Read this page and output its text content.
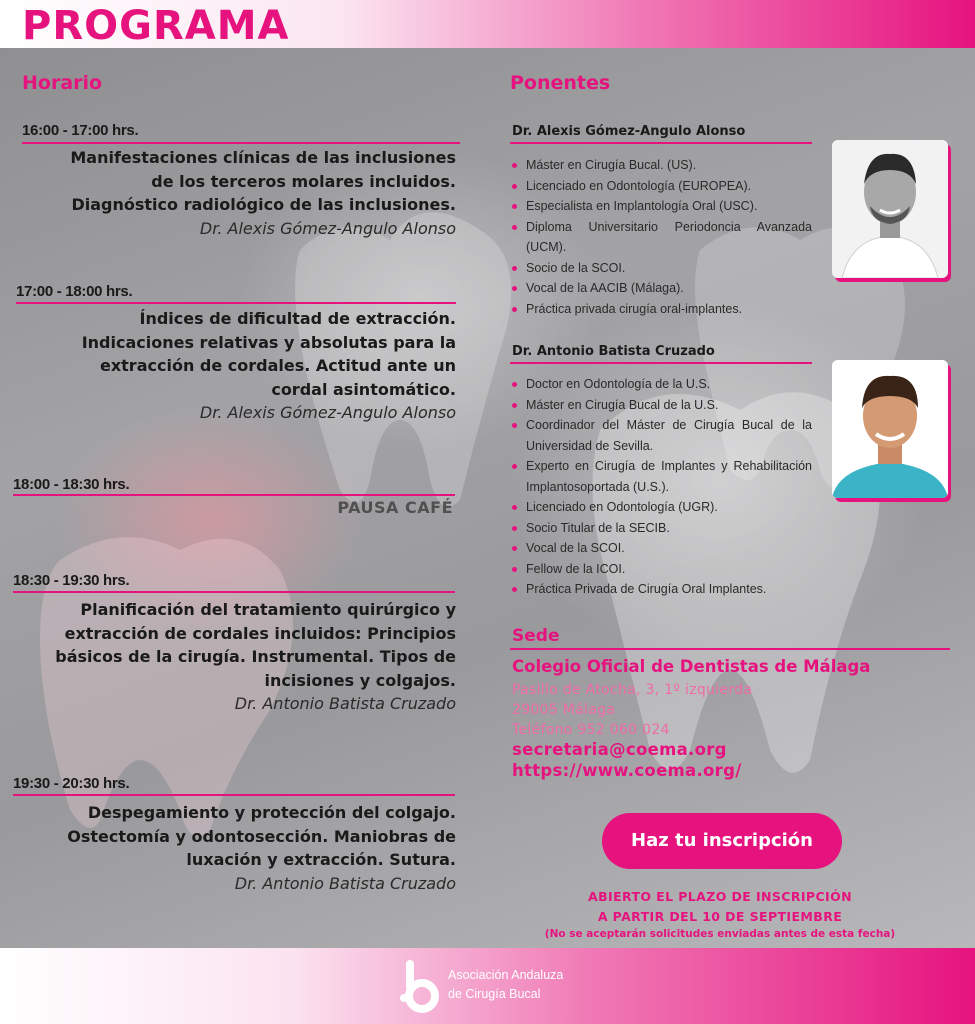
PROGRAMA
Horario
16:00 - 17:00 hrs.
Manifestaciones clínicas de las inclusiones
de los terceros molares incluidos.
Diagnóstico radiológico de las inclusiones.
Dr. Alexis Gómez-Angulo Alonso
17:00 - 18:00 hrs.
Índices de dificultad de extracción.
Indicaciones relativas y absolutas para la
extracción de cordales. Actitud ante un
cordal asintomático.
Dr. Alexis Gómez-Angulo Alonso
18:00 - 18:30 hrs.
PAUSA CAFÉ
18:30 - 19:30 hrs.
Planificación del tratamiento quirúrgico y
extracción de cordales incluidos: Principios
básicos de la cirugía. Instrumental. Tipos de
incisiones y colgajos.
Dr. Antonio Batista Cruzado
19:30 - 20:30 hrs.
Despegamiento y protección del colgajo.
Ostectomía y odontosección. Maniobras de
luxación y extracción. Sutura.
Dr. Antonio Batista Cruzado
Ponentes
Dr. Alexis Gómez-Angulo Alonso
Máster en Cirugía Bucal. (US).
Licenciado en Odontología (EUROPEA).
Especialista en Implantología Oral (USC).
Diploma Universitario Periodoncia Avanzada (UCM).
Socio de la SCOI.
Vocal de la AACIB (Málaga).
Práctica privada cirugía oral-implantes.
Dr. Antonio Batista Cruzado
Doctor en Odontología de la U.S.
Máster en Cirugía Bucal de la U.S.
Coordinador del Máster de Cirugía Bucal de la Universidad de Sevilla.
Experto en Cirugía de Implantes y Rehabilitación Implantosoportada (U.S.).
Licenciado en Odontología (UGR).
Socio Titular de la SECIB.
Vocal de la SCOI.
Fellow de la ICOI.
Práctica Privada de Cirugía Oral Implantes.
Sede
Colegio Oficial de Dentistas de Málaga
Pasillo de Atocha, 3, 1º izquierda
29005 Málaga
Teléfono 952 060 024
secretaria@coema.org
https://www.coema.org/
Haz tu inscripción
ABIERTO EL PLAZO DE INSCRIPCIÓN
A PARTIR DEL 10 DE SEPTIEMBRE
(No se aceptarán solicitudes enviadas antes de esta fecha)
Asociación Andaluza
de Cirugía Bucal
